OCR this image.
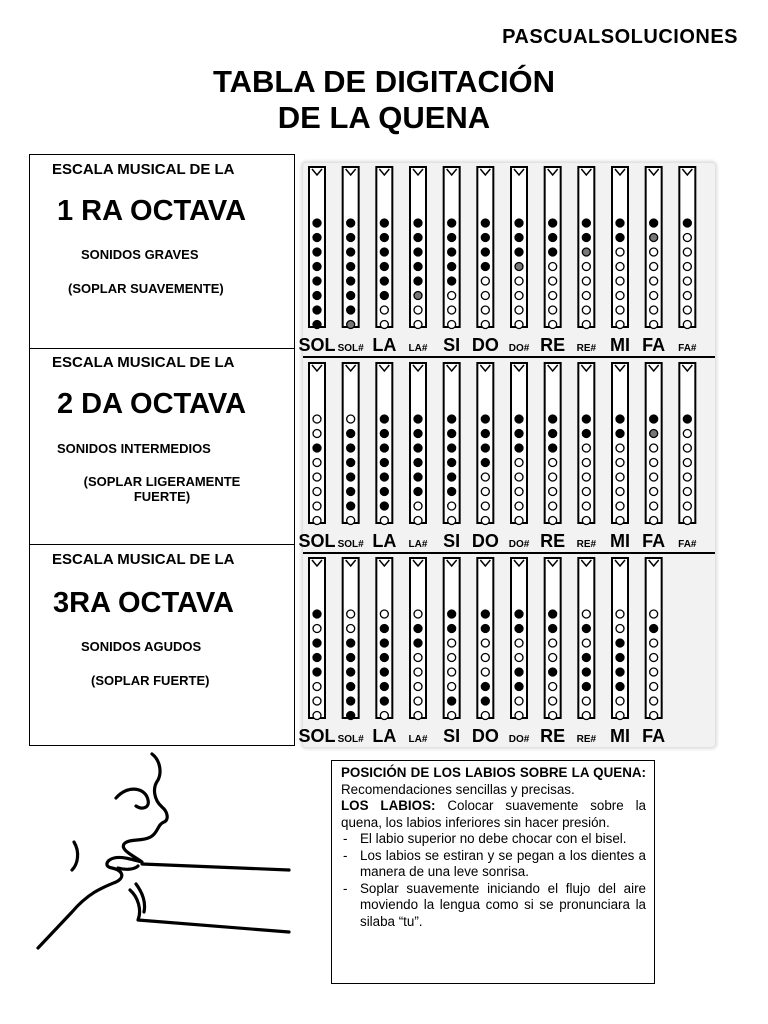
PASCUALSOLUCIONES
TABLA DE DIGITACIÓN
DE LA QUENA
ESCALA MUSICAL DE LA
1 RA OCTAVA
SONIDOS GRAVES
(SOPLAR SUAVEMENTE)
ESCALA MUSICAL DE LA
2 DA OCTAVA
SONIDOS INTERMEDIOS
(SOPLAR LIGERAMENTE FUERTE)
ESCALA MUSICAL DE LA
3RA OCTAVA
SONIDOS AGUDOS
(SOPLAR FUERTE)
SOL SOL# LA LA# SI DO DO# RE RE# MI FA FA#
SOL SOL# LA LA# SI DO DO# RE RE# MI FA FA#
SOL SOL# LA LA# SI DO DO# RE RE# MI FA
POSICIÓN DE LOS LABIOS SOBRE LA QUENA: Recomendaciones sencillas y precisas.
LOS LABIOS: Colocar suavemente sobre la quena, los labios inferiores sin hacer presión.
- El labio superior no debe chocar con el bisel.
- Los labios se estiran y se pegan a los dientes a manera de una leve sonrisa.
- Soplar suavemente iniciando el flujo del aire moviendo la lengua como si se pronunciara la silaba “tu”.
